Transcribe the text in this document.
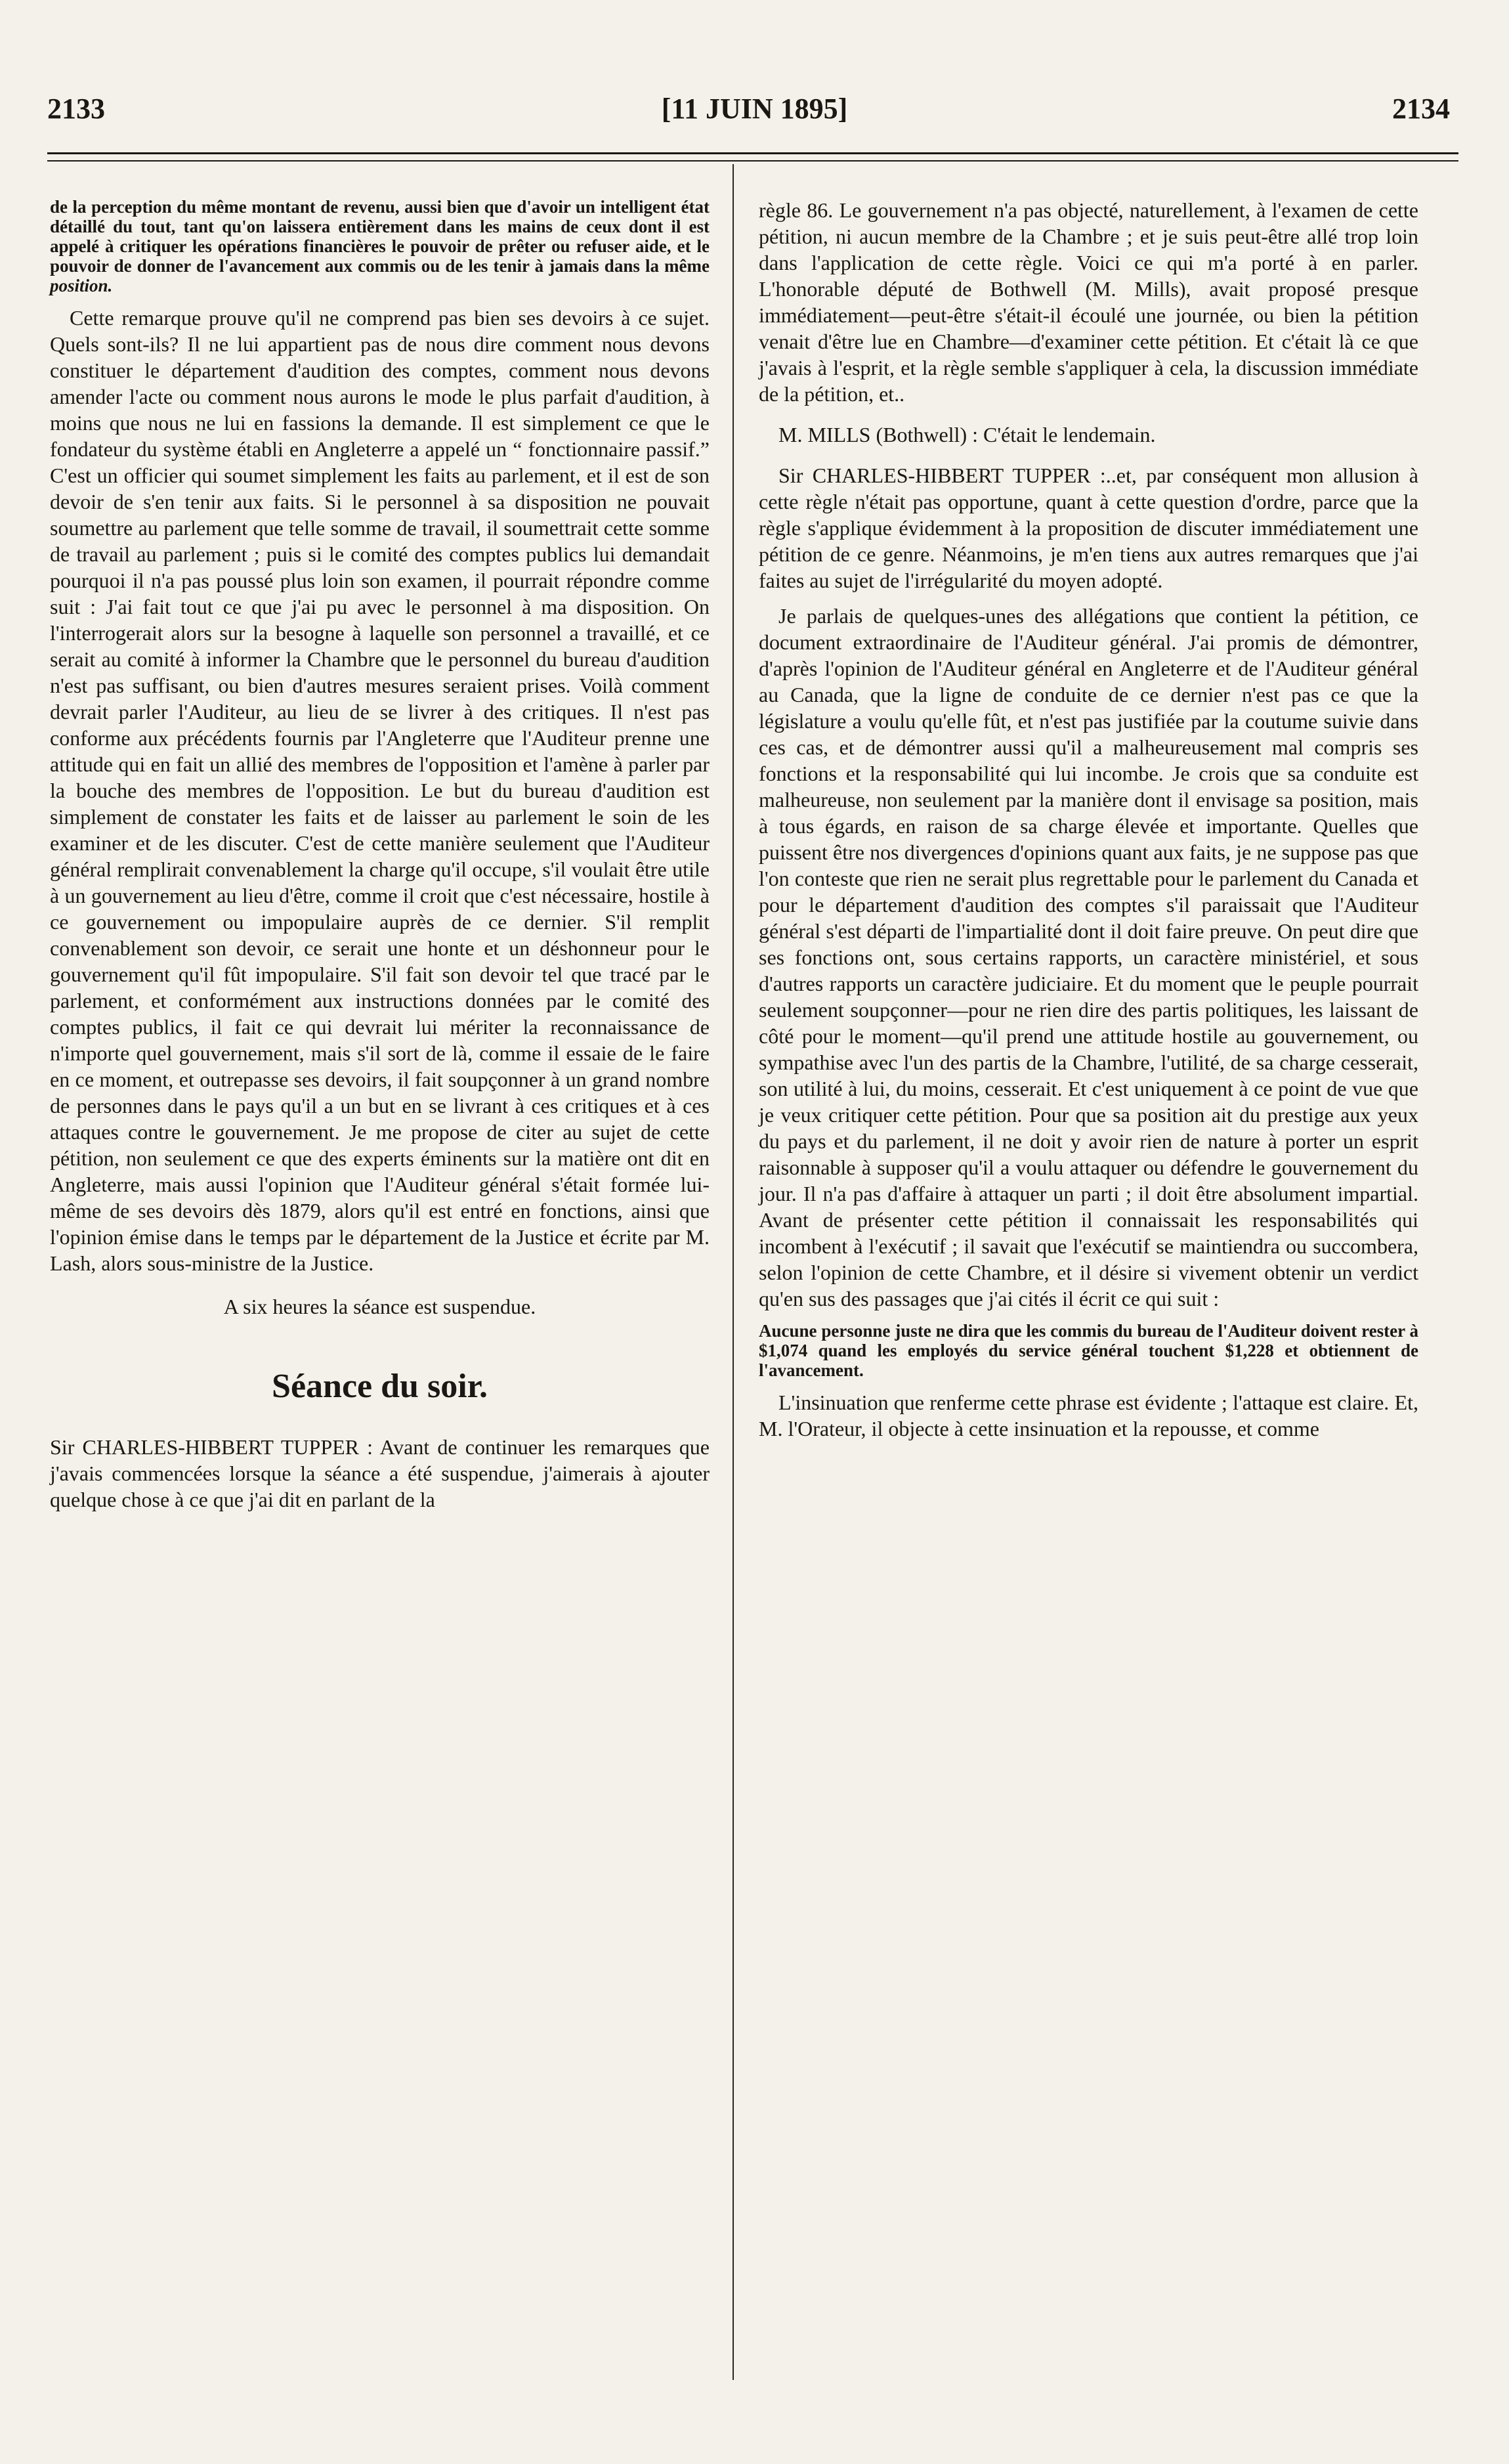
[11 JUIN 1895]
2133	2134

de la perception du même montant de revenu, aussi bien que d'avoir un intelligent état détaillé du tout, tant qu'on laissera entièrement dans les mains de ceux dont il est appelé à critiquer les opérations financières le pouvoir de prêter ou refuser aide, et le pouvoir de donner de l'avancement aux commis ou de les tenir à jamais dans la même position.

Cette remarque prouve qu'il ne comprend pas bien ses devoirs à ce sujet. Quels sont-ils? Il ne lui appartient pas de nous dire comment nous devons constituer le département d'audition des comptes, comment nous devons amender l'acte ou comment nous aurons le mode le plus parfait d'audition, à moins que nous ne lui en fassions la demande. Il est simplement ce que le fondateur du système établi en Angleterre a appelé un “ fonctionnaire passif.” C'est un officier qui soumet simplement les faits au parlement, et il est de son devoir de s'en tenir aux faits. Si le personnel à sa disposition ne pouvait soumettre au parlement que telle somme de travail, il soumettrait cette somme de travail au parlement ; puis si le comité des comptes publics lui demandait pourquoi il n'a pas poussé plus loin son examen, il pourrait répondre comme suit : J'ai fait tout ce que j'ai pu avec le personnel à ma disposition. On l'interrogerait alors sur la besogne à laquelle son personnel a travaillé, et ce serait au comité à informer la Chambre que le personnel du bureau d'audition n'est pas suffisant, ou bien d'autres mesures seraient prises. Voilà comment devrait parler l'Auditeur, au lieu de se livrer à des critiques. Il n'est pas conforme aux précédents fournis par l'Angleterre que l'Auditeur prenne une attitude qui en fait un allié des membres de l'opposition et l'amène à parler par la bouche des membres de l'opposition. Le but du bureau d'audition est simplement de constater les faits et de laisser au parlement le soin de les examiner et de les discuter. C'est de cette manière seulement que l'Auditeur général remplirait convenablement la charge qu'il occupe, s'il voulait être utile à un gouvernement au lieu d'être, comme il croit que c'est nécessaire, hostile à ce gouvernement ou impopulaire auprès de ce dernier. S'il remplit convenablement son devoir, ce serait une honte et un déshonneur pour le gouvernement qu'il fût impopulaire. S'il fait son devoir tel que tracé par le parlement, et conformément aux instructions données par le comité des comptes publics, il fait ce qui devrait lui mériter la reconnaissance de n'importe quel gouvernement, mais s'il sort de là, comme il essaie de le faire en ce moment, et outrepasse ses devoirs, il fait soupçonner à un grand nombre de personnes dans le pays qu'il a un but en se livrant à ces critiques et à ces attaques contre le gouvernement. Je me propose de citer au sujet de cette pétition, non seulement ce que des experts éminents sur la matière ont dit en Angleterre, mais aussi l'opinion que l'Auditeur général s'était formée lui-même de ses devoirs dès 1879, alors qu'il est entré en fonctions, ainsi que l'opinion émise dans le temps par le département de la Justice et écrite par M. Lash, alors sous-ministre de la Justice.

A six heures la séance est suspendue.

Séance du soir.

Sir CHARLES-HIBBERT TUPPER : Avant de continuer les remarques que j'avais commencées lorsque la séance a été suspendue, j'aimerais à ajouter quelque chose à ce que j'ai dit en parlant de la

règle 86. Le gouvernement n'a pas objecté, naturellement, à l'examen de cette pétition, ni aucun membre de la Chambre ; et je suis peut-être allé trop loin dans l'application de cette règle. Voici ce qui m'a porté à en parler. L'honorable député de Bothwell (M. Mills), avait proposé presque immédiatement—peut-être s'était-il écoulé une journée, ou bien la pétition venait d'être lue en Chambre—d'examiner cette pétition. Et c'était là ce que j'avais à l'esprit, et la règle semble s'appliquer à cela, la discussion immédiate de la pétition, et..

M. MILLS (Bothwell) : C'était le lendemain.

Sir CHARLES-HIBBERT TUPPER :..et, par conséquent mon allusion à cette règle n'était pas opportune, quant à cette question d'ordre, parce que la règle s'applique évidemment à la proposition de discuter immédiatement une pétition de ce genre. Néanmoins, je m'en tiens aux autres remarques que j'ai faites au sujet de l'irrégularité du moyen adopté.

Je parlais de quelques-unes des allégations que contient la pétition, ce document extraordinaire de l'Auditeur général. J'ai promis de démontrer, d'après l'opinion de l'Auditeur général en Angleterre et de l'Auditeur général au Canada, que la ligne de conduite de ce dernier n'est pas ce que la législature a voulu qu'elle fût, et n'est pas justifiée par la coutume suivie dans ces cas, et de démontrer aussi qu'il a malheureusement mal compris ses fonctions et la responsabilité qui lui incombe. Je crois que sa conduite est malheureuse, non seulement par la manière dont il envisage sa position, mais à tous égards, en raison de sa charge élevée et importante. Quelles que puissent être nos divergences d'opinions quant aux faits, je ne suppose pas que l'on conteste que rien ne serait plus regrettable pour le parlement du Canada et pour le département d'audition des comptes s'il paraissait que l'Auditeur général s'est départi de l'impartialité dont il doit faire preuve. On peut dire que ses fonctions ont, sous certains rapports, un caractère ministériel, et sous d'autres rapports un caractère judiciaire. Et du moment que le peuple pourrait seulement soupçonner—pour ne rien dire des partis politiques, les laissant de côté pour le moment—qu'il prend une attitude hostile au gouvernement, ou sympathise avec l'un des partis de la Chambre, l'utilité, de sa charge cesserait, son utilité à lui, du moins, cesserait. Et c'est uniquement à ce point de vue que je veux critiquer cette pétition. Pour que sa position ait du prestige aux yeux du pays et du parlement, il ne doit y avoir rien de nature à porter un esprit raisonnable à supposer qu'il a voulu attaquer ou défendre le gouvernement du jour. Il n'a pas d'affaire à attaquer un parti ; il doit être absolument impartial. Avant de présenter cette pétition il connaissait les responsabilités qui incombent à l'exécutif ; il savait que l'exécutif se maintiendra ou succombera, selon l'opinion de cette Chambre, et il désire si vivement obtenir un verdict qu'en sus des passages que j'ai cités il écrit ce qui suit :

Aucune personne juste ne dira que les commis du bureau de l'Auditeur doivent rester à $1,074 quand les employés du service général touchent $1,228 et obtiennent de l'avancement.

L'insinuation que renferme cette phrase est évidente ; l'attaque est claire. Et, M. l'Orateur, il objecte à cette insinuation et la repousse, et comme
